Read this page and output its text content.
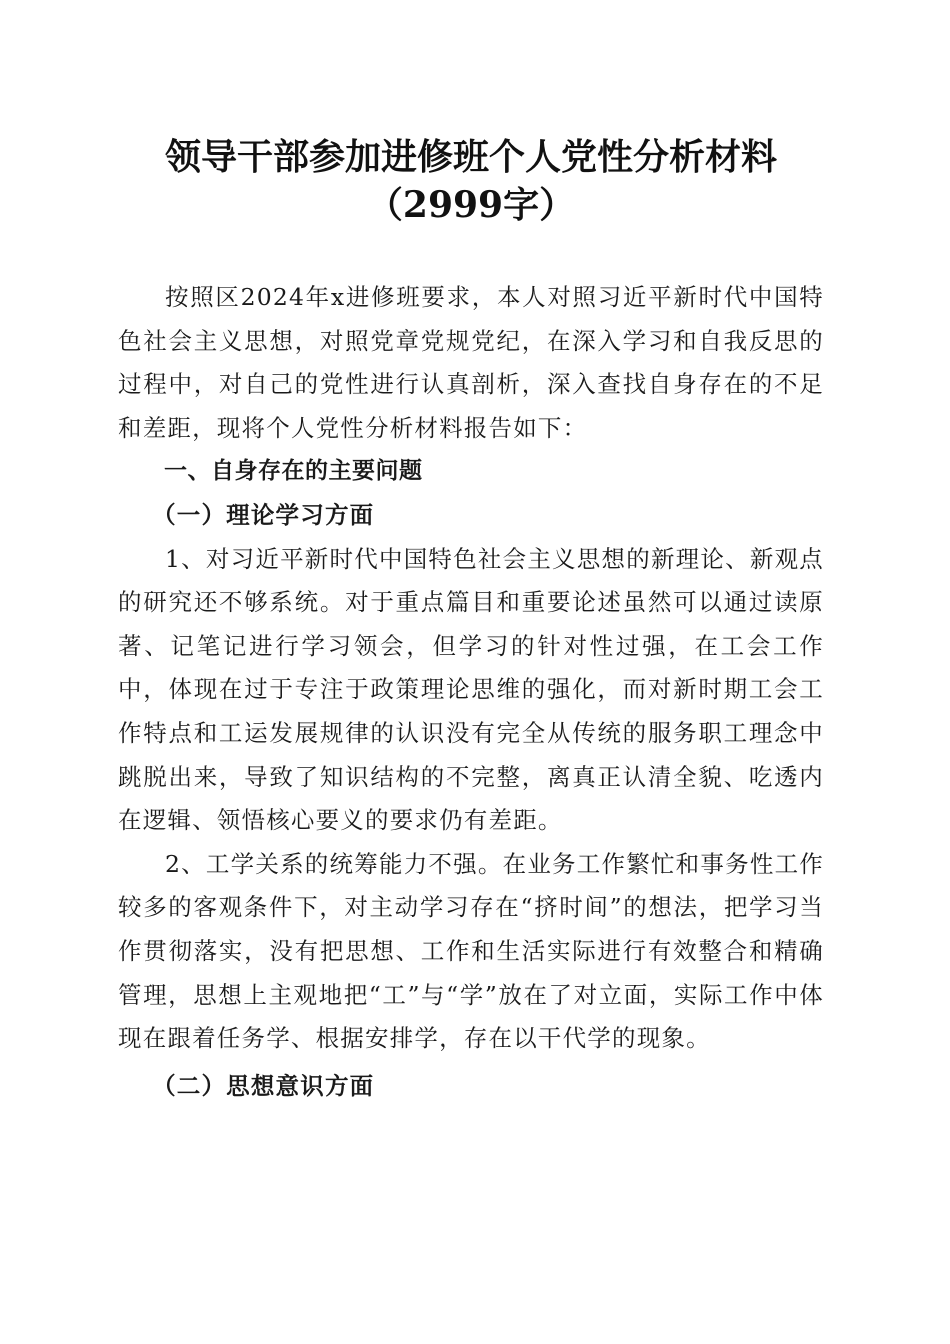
领导干部参加进修班个人党性分析材料（2999字）

按照区2024年x进修班要求，本人对照习近平新时代中国特色社会主义思想，对照党章党规党纪，在深入学习和自我反思的过程中，对自己的党性进行认真剖析，深入查找自身存在的不足和差距，现将个人党性分析材料报告如下：

一、自身存在的主要问题

（一）理论学习方面

1、对习近平新时代中国特色社会主义思想的新理论、新观点的研究还不够系统。对于重点篇目和重要论述虽然可以通过读原著、记笔记进行学习领会，但学习的针对性过强，在工会工作中，体现在过于专注于政策理论思维的强化，而对新时期工会工作特点和工运发展规律的认识没有完全从传统的服务职工理念中跳脱出来，导致了知识结构的不完整，离真正认清全貌、吃透内在逻辑、领悟核心要义的要求仍有差距。

2、工学关系的统筹能力不强。在业务工作繁忙和事务性工作较多的客观条件下，对主动学习存在“挤时间”的想法，把学习当作贯彻落实，没有把思想、工作和生活实际进行有效整合和精确管理，思想上主观地把“工”与“学”放在了对立面，实际工作中体现在跟着任务学、根据安排学，存在以干代学的现象。

（二）思想意识方面
